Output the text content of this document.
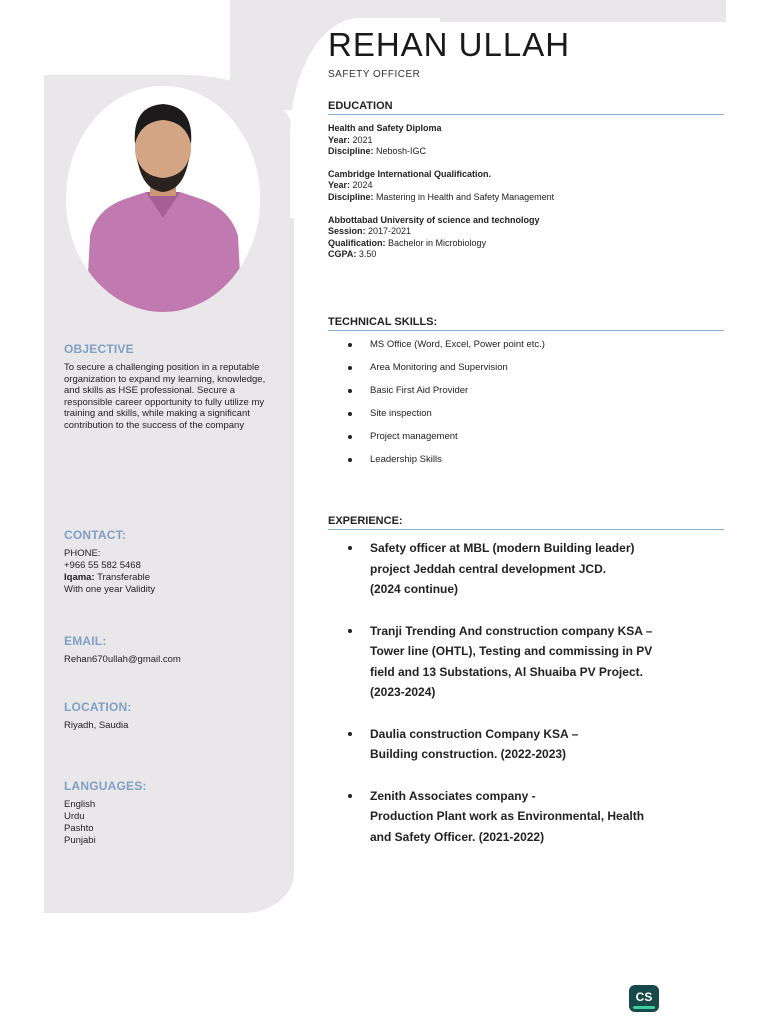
REHAN ULLAH

SAFETY OFFICER

OBJECTIVE

To secure a challenging position in a reputable organization to expand my learning, knowledge, and skills as HSE professional. Secure a responsible career opportunity to fully utilize my training and skills, while making a significant contribution to the success of the company

CONTACT:

PHONE:

+966 55 582 5468

Iqama: Transferable

With one year Validity

EMAIL:

Rehan670ullah@gmail.com

LOCATION:

Riyadh, Saudia

LANGUAGES:

English

Urdu

Pashto

Punjabi

EDUCATION

Health and Safety Diploma

Year: 2021

Discipline: Nebosh-IGC

Cambridge International Qualification.

Year: 2024

Discipline: Mastering in Health and Safety Management

Abbottabad University of science and technology

Session: 2017-2021

Qualification: Bachelor in Microbiology

CGPA: 3.50

TECHNICAL SKILLS:

MS Office (Word, Excel, Power point etc.)
Area Monitoring and Supervision
Basic First Aid Provider
Site inspection
Project management
Leadership Skills

EXPERIENCE:

Safety officer at MBL (modern Building leader)
project Jeddah central development JCD.
(2024 continue)
Tranji Trending And construction company KSA –
Tower line (OHTL), Testing and commissing in PV
field and 13 Substations, Al Shuaiba PV Project.
(2023-2024)
Daulia construction Company KSA –
Building construction. (2022-2023)
Zenith Associates company -
Production Plant work as Environmental, Health
and Safety Officer. (2021-2022)
CS
